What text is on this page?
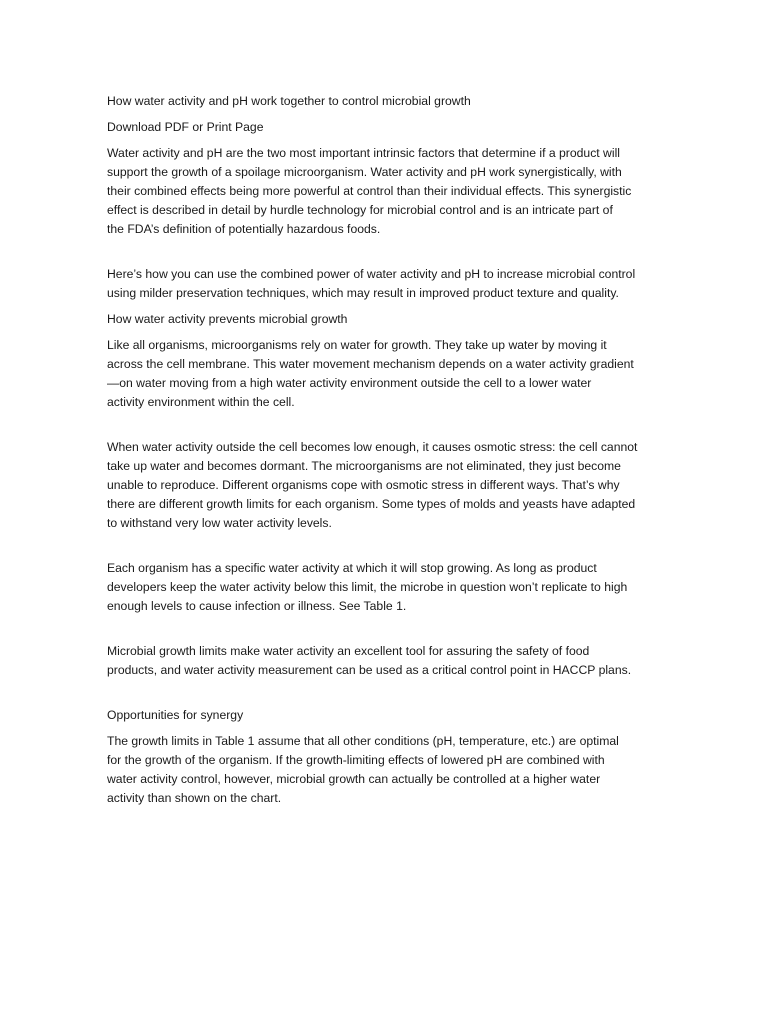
How water activity and pH work together to control microbial growth

Download PDF or Print Page

Water activity and pH are the two most important intrinsic factors that determine if a product will
support the growth of a spoilage microorganism. Water activity and pH work synergistically, with
their combined effects being more powerful at control than their individual effects. This synergistic
effect is described in detail by hurdle technology for microbial control and is an intricate part of
the FDA’s definition of potentially hazardous foods.

Here’s how you can use the combined power of water activity and pH to increase microbial control
using milder preservation techniques, which may result in improved product texture and quality.

How water activity prevents microbial growth

Like all organisms, microorganisms rely on water for growth. They take up water by moving it
across the cell membrane. This water movement mechanism depends on a water activity gradient
—on water moving from a high water activity environment outside the cell to a lower water
activity environment within the cell.

When water activity outside the cell becomes low enough, it causes osmotic stress: the cell cannot
take up water and becomes dormant. The microorganisms are not eliminated, they just become
unable to reproduce. Different organisms cope with osmotic stress in different ways. That’s why
there are different growth limits for each organism. Some types of molds and yeasts have adapted
to withstand very low water activity levels.

Each organism has a specific water activity at which it will stop growing. As long as product
developers keep the water activity below this limit, the microbe in question won’t replicate to high
enough levels to cause infection or illness. See Table 1.

Microbial growth limits make water activity an excellent tool for assuring the safety of food
products, and water activity measurement can be used as a critical control point in HACCP plans.

Opportunities for synergy

The growth limits in Table 1 assume that all other conditions (pH, temperature, etc.) are optimal
for the growth of the organism. If the growth-limiting effects of lowered pH are combined with
water activity control, however, microbial growth can actually be controlled at a higher water
activity than shown on the chart.
